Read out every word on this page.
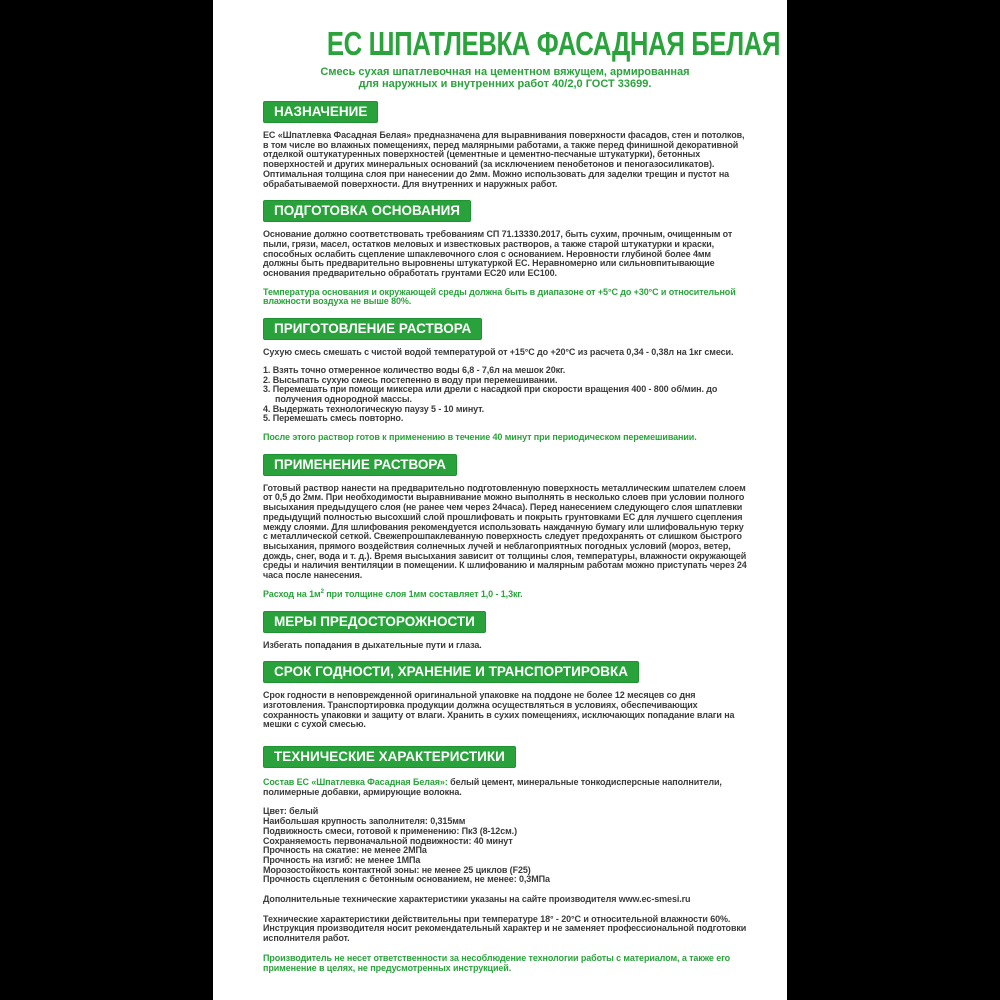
ЕС ШПАТЛЕВКА ФАСАДНАЯ БЕЛАЯ
Смесь сухая шпатлевочная на цементном вяжущем, армированная
для наружных и внутренних работ 40/2,0 ГОСТ 33699.
НАЗНАЧЕНИЕ

ЕС «Шпатлевка Фасадная Белая» предназначена для выравнивания поверхности фасадов, стен и потолков, в том числе во влажных помещениях, перед малярными работами, а также перед финишной декоративной отделкой оштукатуренных поверхностей (цементные и цементно-песчаные штукатурки), бетонных поверхностей и других минеральных оснований (за исключением пенобетонов и пеногазосиликатов). Оптимальная толщина слоя при нанесении до 2мм. Можно использовать для заделки трещин и пустот на обрабатываемой поверхности. Для внутренних и наружных работ.

ПОДГОТОВКА ОСНОВАНИЯ

Основание должно соответствовать требованиям СП 71.13330.2017, быть сухим, прочным, очищенным от пыли, грязи, масел, остатков меловых и известковых растворов, а также старой штукатурки и краски, способных ослабить сцепление шпаклевочного слоя с основанием. Неровности глубиной более 4мм должны быть предварительно выровнены штукатуркой ЕС. Неравномерно или сильновпитывающие основания предварительно обработать грунтами ЕС20 или ЕС100.

Температура основания и окружающей среды должна быть в диапазоне от +5°С до +30°С и относительной влажности воздуха не выше 80%.

ПРИГОТОВЛЕНИЕ РАСТВОРА

Сухую смесь смешать с чистой водой температурой от +15°С до +20°С из расчета 0,34 - 0,38л на 1кг смеси.

1. Взять точно отмеренное количество воды 6,8 - 7,6л на мешок 20кг.

2. Высыпать сухую смесь постепенно в воду при перемешивании.

3. Перемешать при помощи миксера или дрели с насадкой при скорости вращения 400 - 800 об/мин. до получения однородной массы.

4. Выдержать технологическую паузу 5 - 10 минут.

5. Перемешать смесь повторно.

После этого раствор готов к применению в течение 40 минут при периодическом перемешивании.

ПРИМЕНЕНИЕ РАСТВОРА

Готовый раствор нанести на предварительно подготовленную поверхность металлическим шпателем слоем от 0,5 до 2мм. При необходимости выравнивание можно выполнять в несколько слоев при условии полного высыхания предыдущего слоя (не ранее чем через 24часа). Перед нанесением следующего слоя шпатлевки предыдущий полностью высохший слой прошлифовать и покрыть грунтовками ЕС для лучшего сцепления между слоями. Для шлифования рекомендуется использовать наждачную бумагу или шлифовальную терку с металлической сеткой. Свежепрошпаклеванную поверхность следует предохранять от слишком быстрого высыхания, прямого воздействия солнечных лучей и неблагоприятных погодных условий (мороз, ветер, дождь, снег, вода и т. д.). Время высыхания зависит от толщины слоя, температуры, влажности окружающей среды и наличия вентиляции в помещении. К шлифованию и малярным работам можно приступать через 24 часа после нанесения.

Расход на $1м^2$ при толщине слоя 1мм составляет 1,0 - 1,3кг.

МЕРЫ ПРЕДОСТОРОЖНОСТИ

Избегать попадания в дыхательные пути и глаза.

СРОК ГОДНОСТИ, ХРАНЕНИЕ И ТРАНСПОРТИРОВКА

Срок годности в неповрежденной оригинальной упаковке на поддоне не более 12 месяцев со дня изготовления. Транспортировка продукции должна осуществляться в условиях, обеспечивающих сохранность упаковки и защиту от влаги. Хранить в сухих помещениях, исключающих попадание влаги на мешки с сухой смесью.

ТЕХНИЧЕСКИЕ ХАРАКТЕРИСТИКИ

Состав ЕС «Шпатлевка Фасадная Белая»: белый цемент, минеральные тонкодисперсные наполнители, полимерные добавки, армирующие волокна.

Цвет: белый

Наибольшая крупность заполнителя: 0,315мм

Подвижность смеси, готовой к применению: Пк3 (8-12см.)

Сохраняемость первоначальной подвижности: 40 минут

Прочность на сжатие: не менее 2МПа

Прочность на изгиб: не менее 1МПа

Морозостойкость контактной зоны: не менее 25 циклов (F25)

Прочность сцепления с бетонным основанием, не менее: 0,3МПа

Дополнительные технические характеристики указаны на сайте производителя www.ec-smesi.ru

Технические характеристики действительны при температуре 18° - 20°С и относительной влажности 60%. Инструкция производителя носит рекомендательный характер и не заменяет профессиональной подготовки исполнителя работ.

Производитель не несет ответственности за несоблюдение технологии работы с материалом, а также его применение в целях, не предусмотренных инструкцией.
